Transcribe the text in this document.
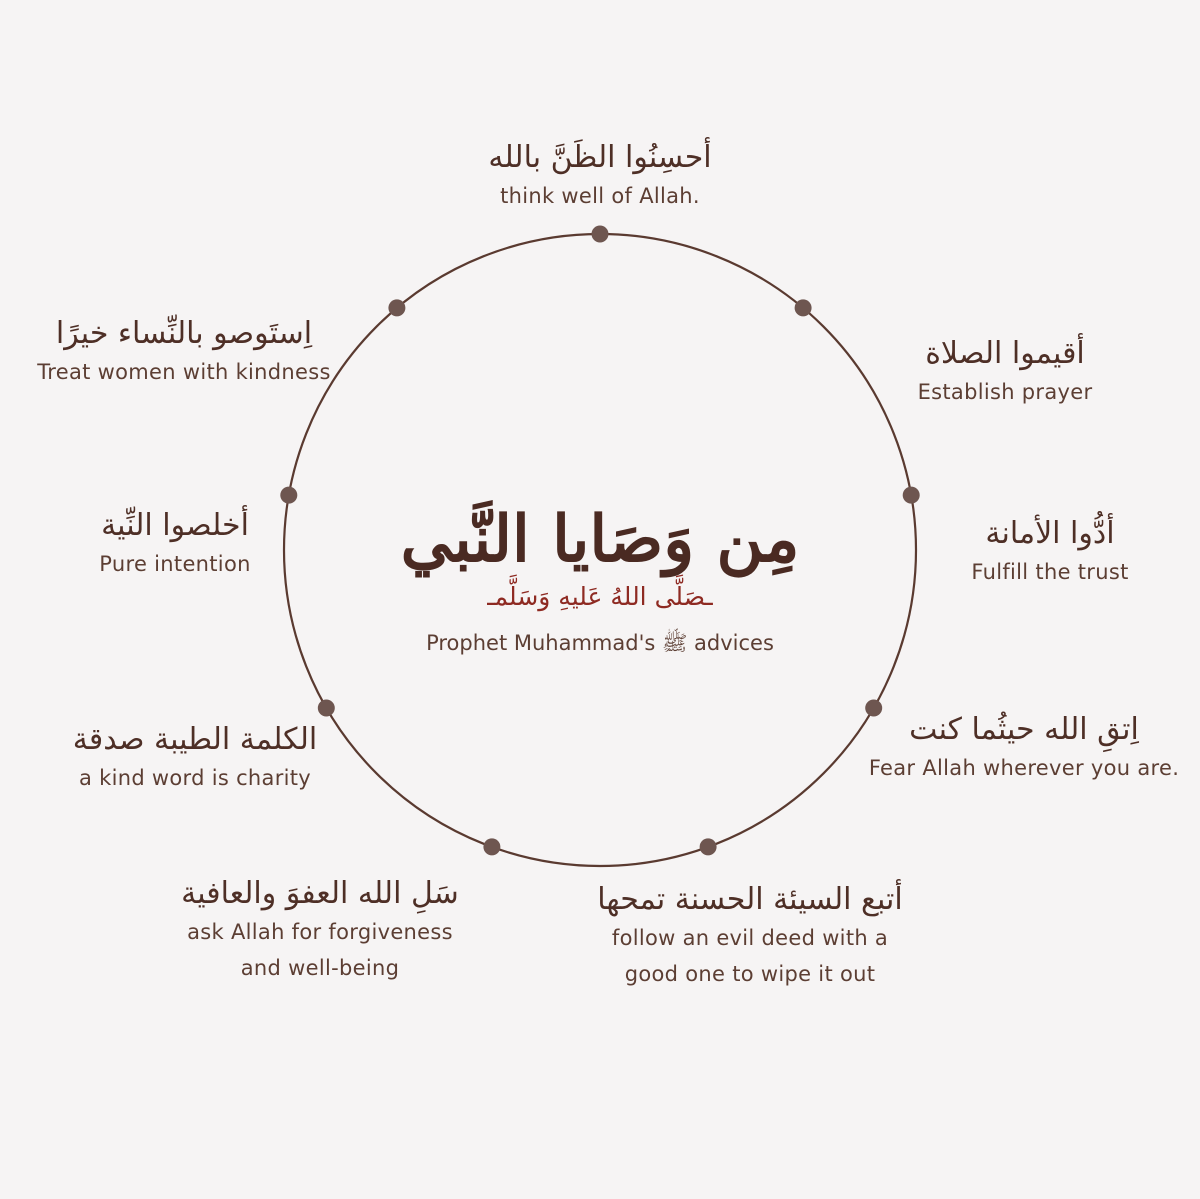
مِن وَصَايا النَّبي
ـصَلَّى اللهُ عَليهِ وَسَلَّمـ
Prophet Muhammad's ﷺ advices
أحسِنُوا الظَنَّ بالله
think well of Allah.
أقيموا الصلاة
Establish prayer
أدُّوا الأمانة
Fulfill the trust
اِتقِ الله حيثُما كنت
Fear Allah wherever you are.
أتبع السيئة الحسنة تمحها
follow an evil deed with a
good one to wipe it out
سَلِ الله العفوَ والعافية
ask Allah for forgiveness
and well-being
الكلمة الطيبة صدقة
a kind word is charity
أخلصوا النِّية
Pure intention
اِستَوصو بالنِّساء خيرًا
Treat women with kindness
